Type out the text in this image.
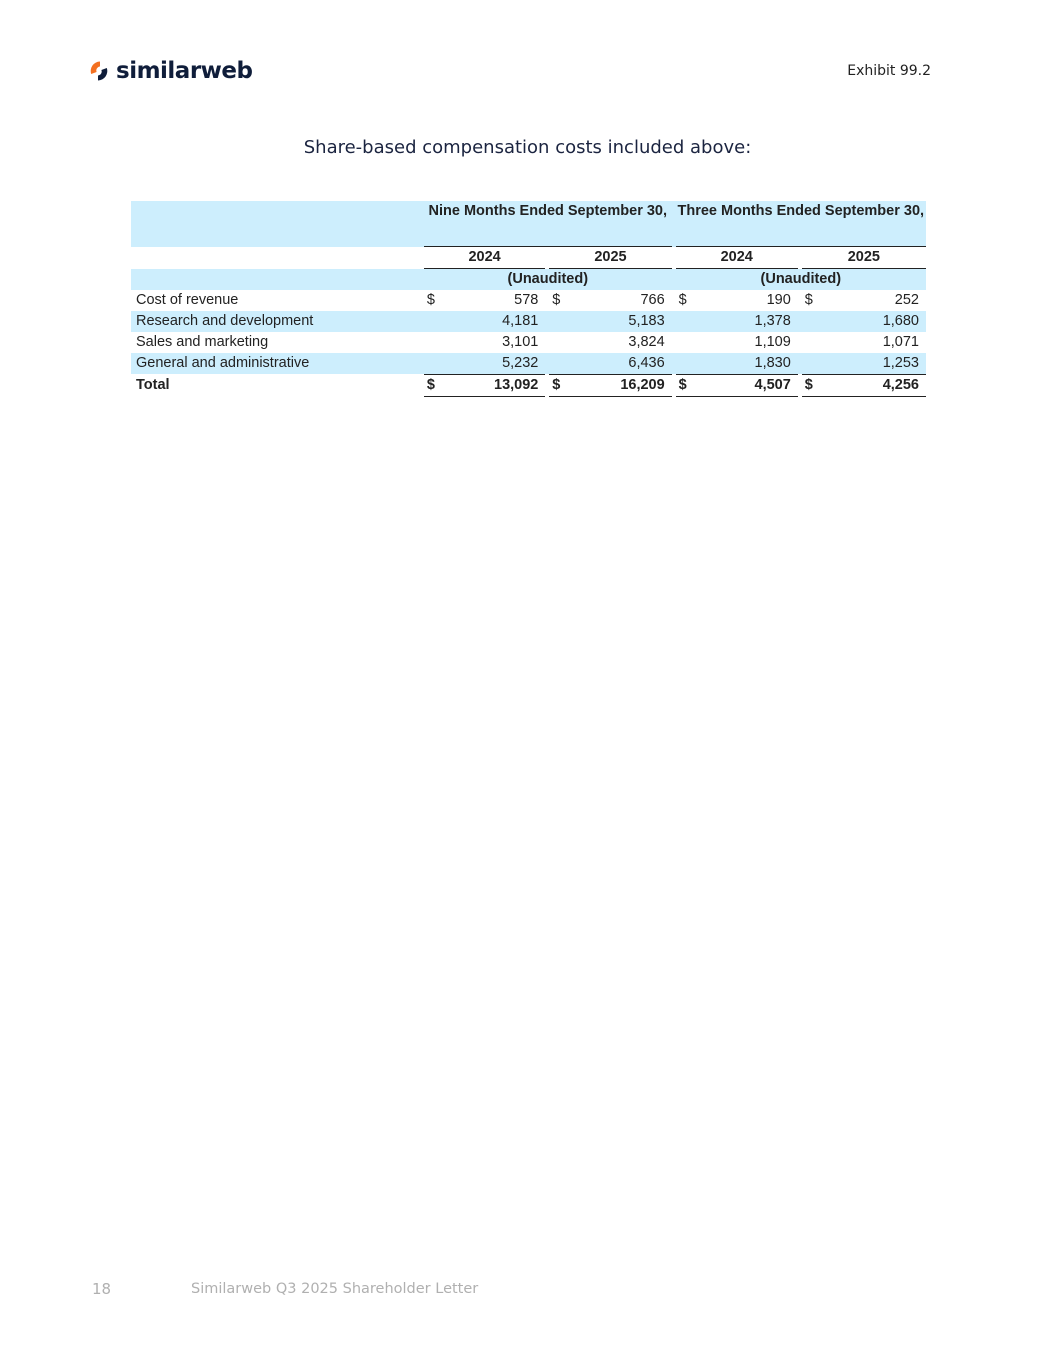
similarweb	Exhibit 99.2
Share-based compensation costs included above:
	Nine Months Ended September 30,						Three Months Ended September 30,				
	2024			2025			2024			2025	
	(Unaudited)						(Unaudited)				
Cost of revenue	$	578		$	766		$	190		$	252
Research and development		4,181			5,183			1,378			1,680
Sales and marketing		3,101			3,824			1,109			1,071
General and administrative		5,232			6,436			1,830			1,253
Total	$	13,092		$	16,209		$	4,507		$	4,256
18	Similarweb Q3 2025 Shareholder Letter
